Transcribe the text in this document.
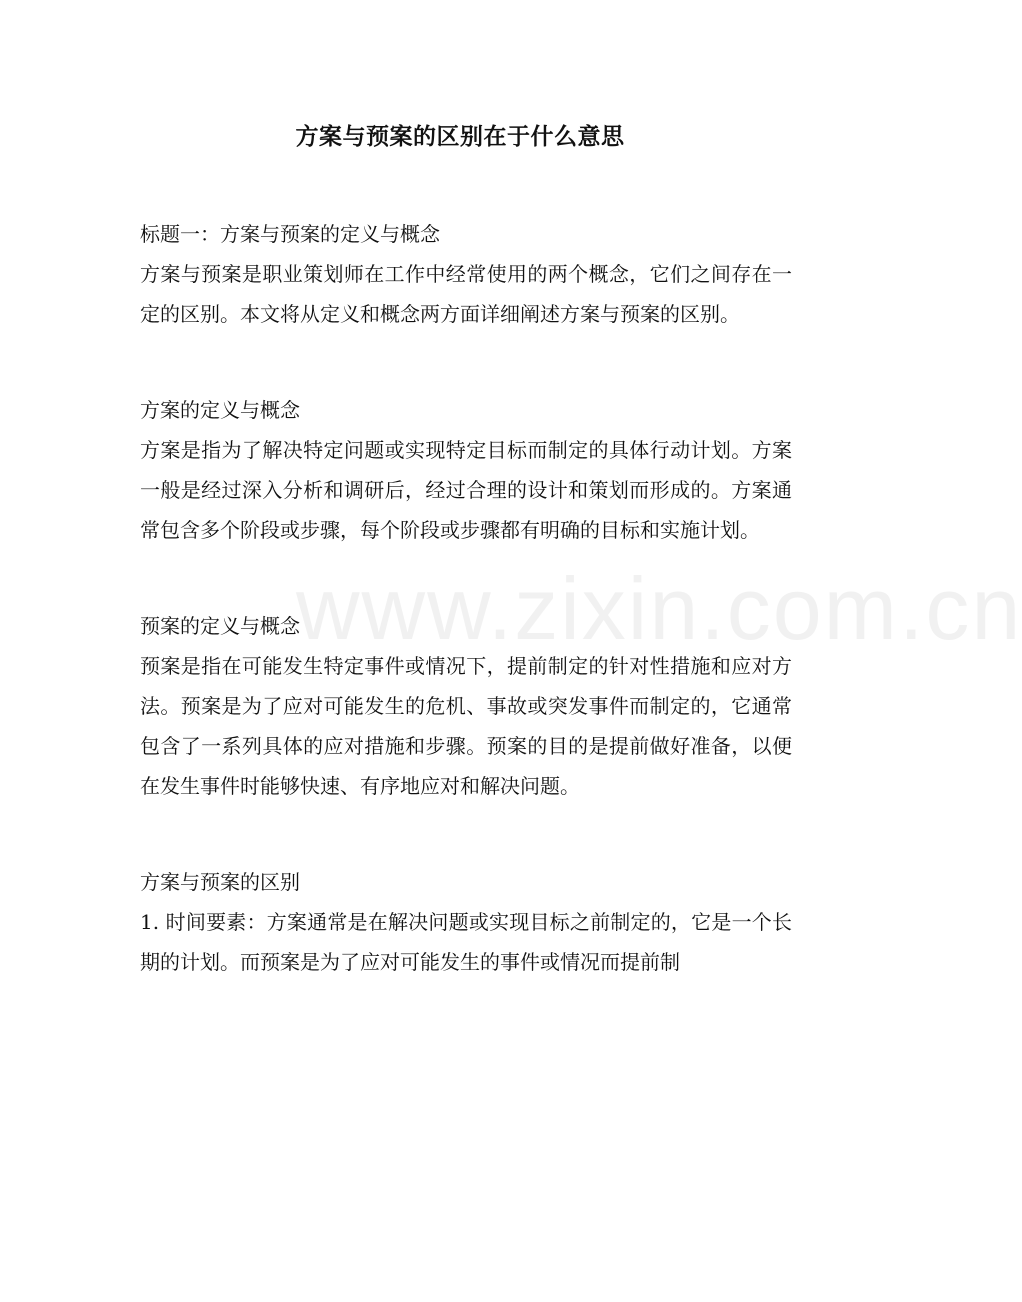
www.zixin.com.cn
方案与预案的区别在于什么意思

标题一：方案与预案的定义与概念

方案与预案是职业策划师在工作中经常使用的两个概念，它们之间存在一定的区别。本文将从定义和概念两方面详细阐述方案与预案的区别。

方案的定义与概念

方案是指为了解决特定问题或实现特定目标而制定的具体行动计划。方案一般是经过深入分析和调研后，经过合理的设计和策划而形成的。方案通常包含多个阶段或步骤，每个阶段或步骤都有明确的目标和实施计划。

预案的定义与概念

预案是指在可能发生特定事件或情况下，提前制定的针对性措施和应对方法。预案是为了应对可能发生的危机、事故或突发事件而制定的，它通常包含了一系列具体的应对措施和步骤。预案的目的是提前做好准备，以便在发生事件时能够快速、有序地应对和解决问题。

方案与预案的区别

1. 时间要素：方案通常是在解决问题或实现目标之前制定的，它是一个长期的计划。而预案是为了应对可能发生的事件或情况而提前制
